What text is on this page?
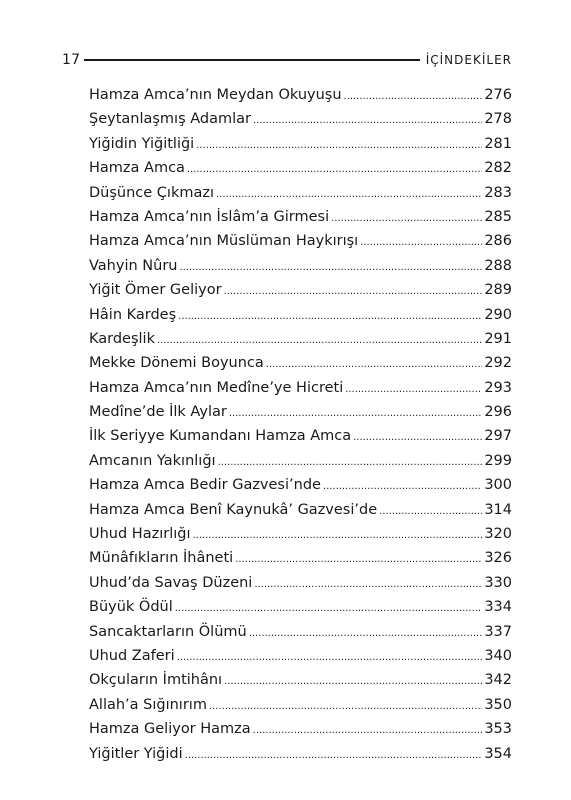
17	İÇİNDEKİLER
Hamza Amca’nın Meydan Okuyuşu . . .	276
Şeytanlaşmış Adamlar . . .	278
Yiğidin Yiğitliği . . .	281
Hamza Amca . . .	282
Düşünce Çıkmazı . . .	283
Hamza Amca’nın İslâm’a Girmesi . . .	285
Hamza Amca’nın Müslüman Haykırışı . . .	286
Vahyin Nûru . . .	288
Yiğit Ömer Geliyor . . .	289
Hâin Kardeş . . .	290
Kardeşlik . . .	291
Mekke Dönemi Boyunca . . .	292
Hamza Amca’nın Medîne’ye Hicreti . . .	293
Medîne’de İlk Aylar . . .	296
İlk Seriyye Kumandanı Hamza Amca . . .	297
Amcanın Yakınlığı . . .	299
Hamza Amca Bedir Gazvesi’nde . . .	300
Hamza Amca Benî Kaynukâ’ Gazvesi’de . . .	314
Uhud Hazırlığı . . .	320
Münâfıkların İhâneti . . .	326
Uhud’da Savaş Düzeni . . .	330
Büyük Ödül . . .	334
Sancaktarların Ölümü . . .	337
Uhud Zaferi . . .	340
Okçuların İmtihânı . . .	342
Allah’a Sığınırım . . .	350
Hamza Geliyor Hamza . . .	353
Yiğitler Yiğidi . . .	354
